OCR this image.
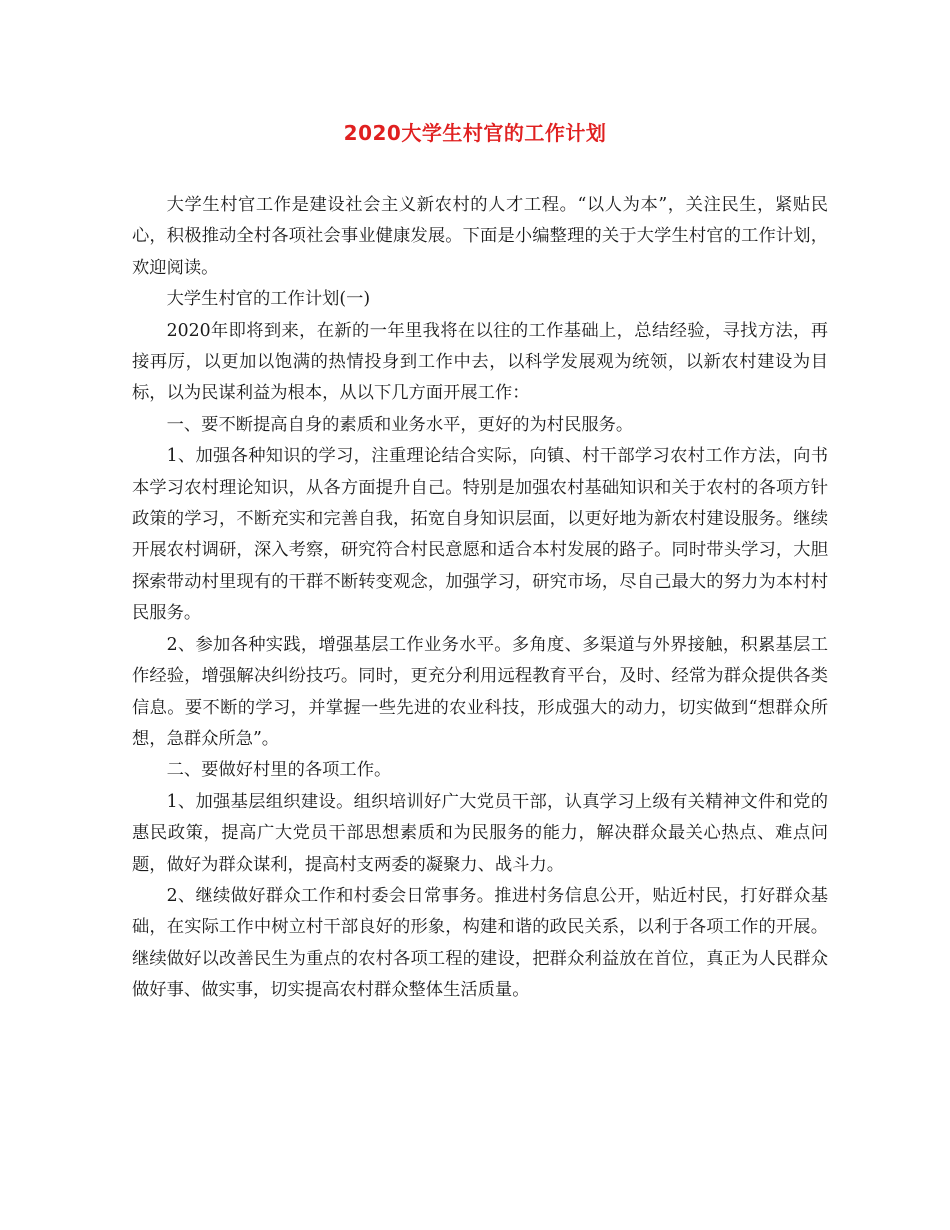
2020大学生村官的工作计划

大学生村官工作是建设社会主义新农村的人才工程。“以人为本”，关注民生，紧贴民心，积极推动全村各项社会事业健康发展。下面是小编整理的关于大学生村官的工作计划，欢迎阅读。

大学生村官的工作计划(一)

2020年即将到来，在新的一年里我将在以往的工作基础上，总结经验，寻找方法，再接再厉，以更加以饱满的热情投身到工作中去，以科学发展观为统领，以新农村建设为目标，以为民谋利益为根本，从以下几方面开展工作：

一、要不断提高自身的素质和业务水平，更好的为村民服务。

1、加强各种知识的学习，注重理论结合实际，向镇、村干部学习农村工作方法，向书本学习农村理论知识，从各方面提升自己。特别是加强农村基础知识和关于农村的各项方针政策的学习，不断充实和完善自我，拓宽自身知识层面，以更好地为新农村建设服务。继续开展农村调研，深入考察，研究符合村民意愿和适合本村发展的路子。同时带头学习，大胆探索带动村里现有的干群不断转变观念，加强学习，研究市场，尽自己最大的努力为本村村民服务。

2、参加各种实践，增强基层工作业务水平。多角度、多渠道与外界接触，积累基层工作经验，增强解决纠纷技巧。同时，更充分利用远程教育平台，及时、经常为群众提供各类信息。要不断的学习，并掌握一些先进的农业科技，形成强大的动力，切实做到“想群众所想，急群众所急”。

二、要做好村里的各项工作。

1、加强基层组织建设。组织培训好广大党员干部，认真学习上级有关精神文件和党的惠民政策，提高广大党员干部思想素质和为民服务的能力，解决群众最关心热点、难点问题，做好为群众谋利，提高村支两委的凝聚力、战斗力。

2、继续做好群众工作和村委会日常事务。推进村务信息公开，贴近村民，打好群众基础，在实际工作中树立村干部良好的形象，构建和谐的政民关系，以利于各项工作的开展。继续做好以改善民生为重点的农村各项工程的建设，把群众利益放在首位，真正为人民群众做好事、做实事，切实提高农村群众整体生活质量。
